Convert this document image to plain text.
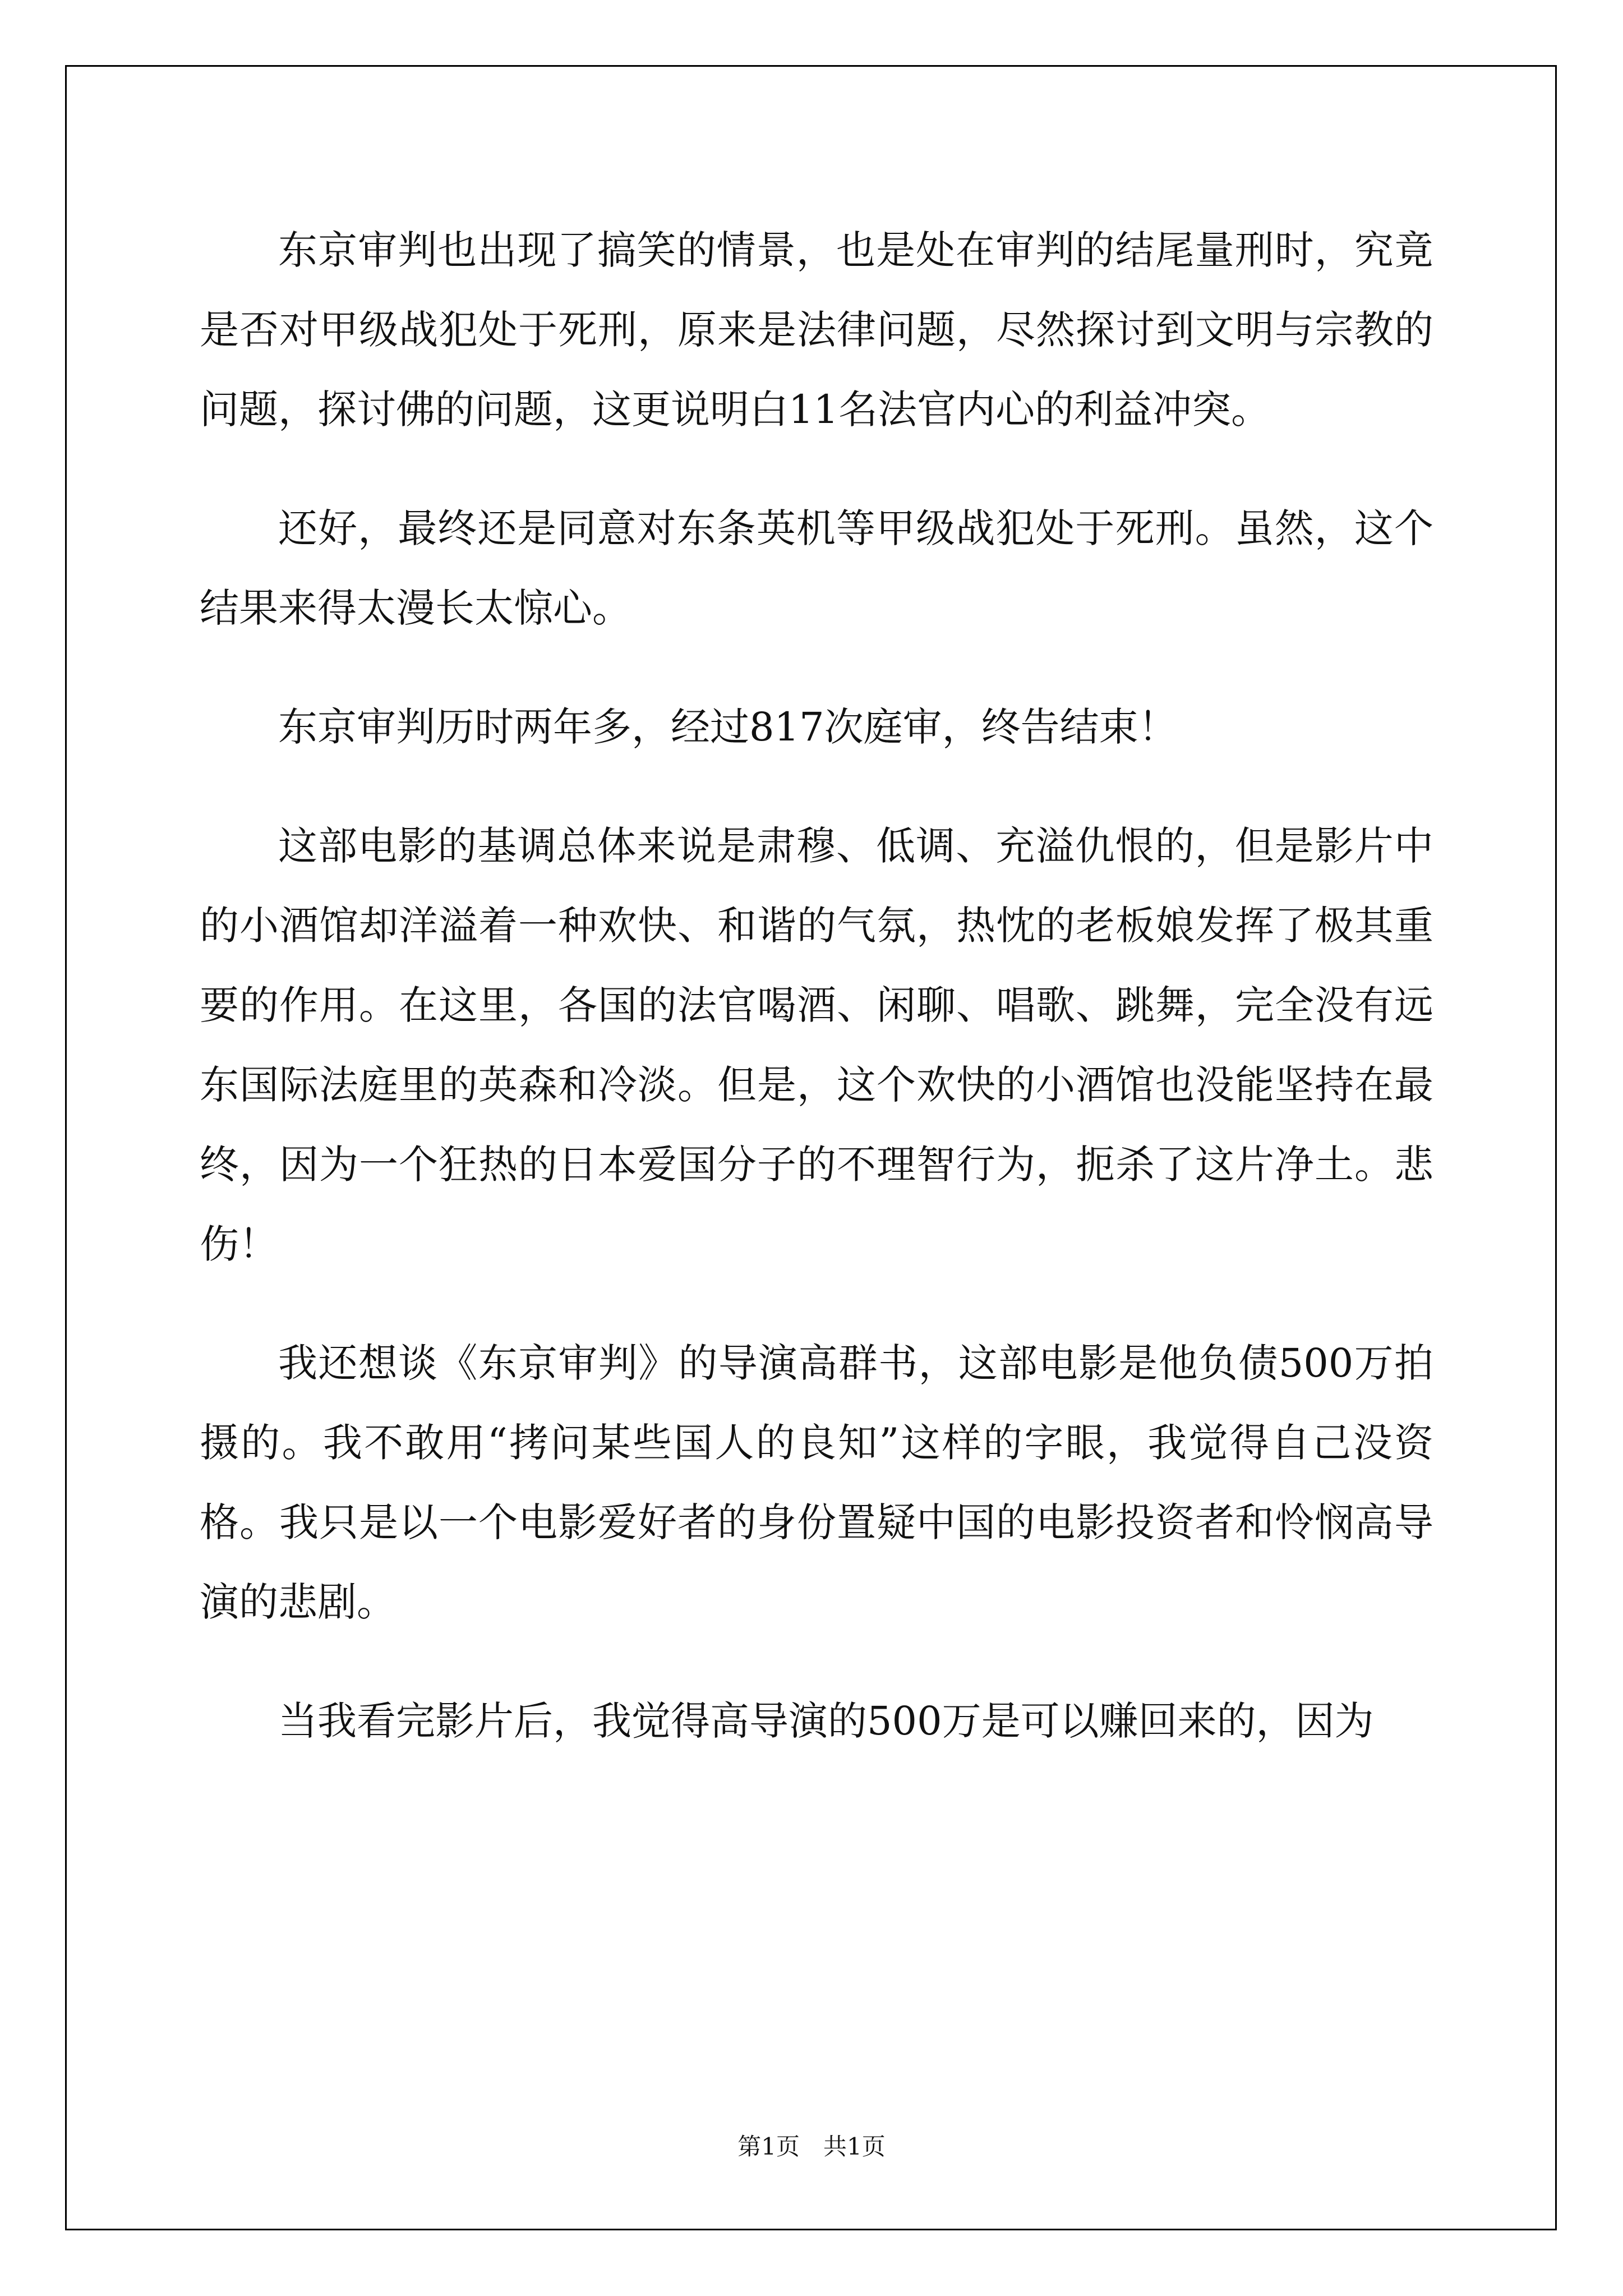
东京审判也出现了搞笑的情景，也是处在审判的结尾量刑时，究竟是否对甲级战犯处于死刑，原来是法律问题，尽然探讨到文明与宗教的问题，探讨佛的问题，这更说明白11名法官内心的利益冲突。

还好，最终还是同意对东条英机等甲级战犯处于死刑。虽然，这个结果来得太漫长太惊心。

东京审判历时两年多，经过817次庭审，终告结束！

这部电影的基调总体来说是肃穆、低调、充溢仇恨的，但是影片中的小酒馆却洋溢着一种欢快、和谐的气氛，热忱的老板娘发挥了极其重要的作用。在这里，各国的法官喝酒、闲聊、唱歌、跳舞，完全没有远东国际法庭里的英森和冷淡。但是，这个欢快的小酒馆也没能坚持在最终，因为一个狂热的日本爱国分子的不理智行为，扼杀了这片净土。悲伤！

我还想谈《东京审判》的导演高群书，这部电影是他负债500万拍摄的。我不敢用“拷问某些国人的良知”这样的字眼，我觉得自己没资格。我只是以一个电影爱好者的身份置疑中国的电影投资者和怜悯高导演的悲剧。

当我看完影片后，我觉得高导演的500万是可以赚回来的，因为

第1页　共1页
